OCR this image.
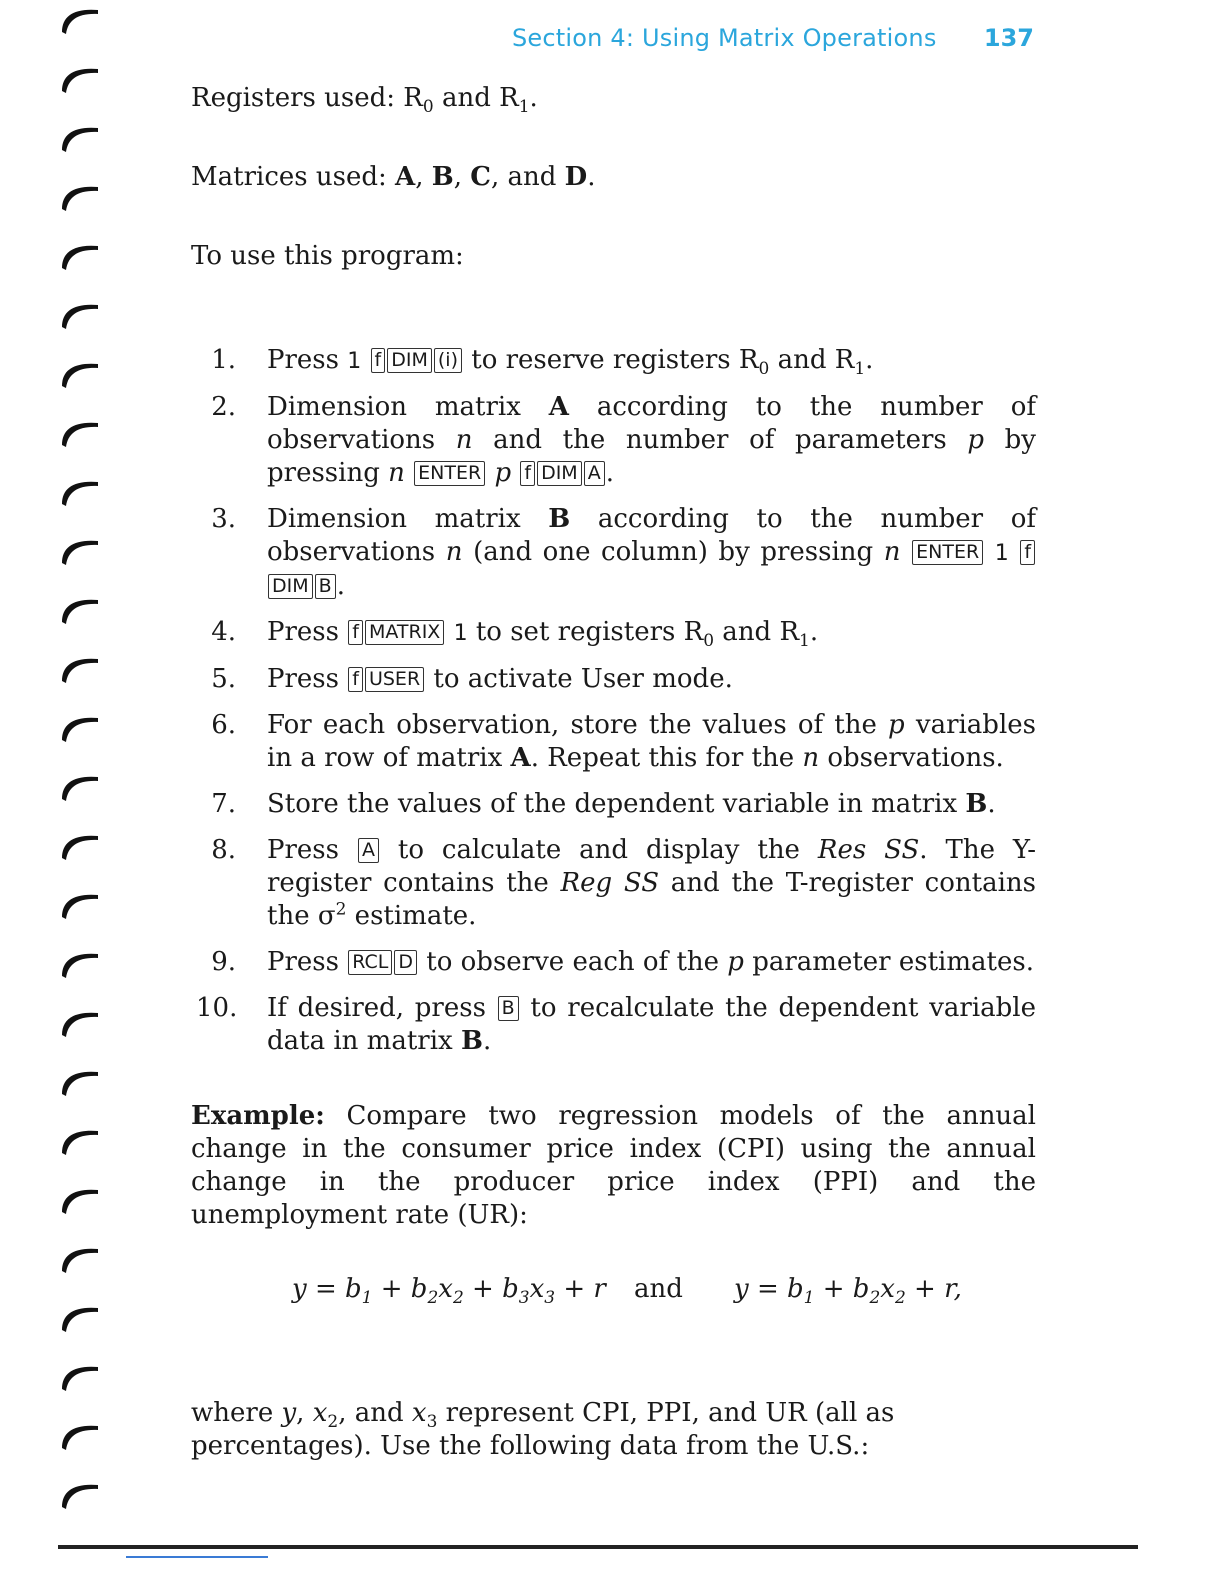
Section 4: Using Matrix Operations 137
Registers used: $R_0$ and $R_1$.
Matrices used: A, B, C, and D.
To use this program:
1. Press 1 f DIM (i) to reserve registers $R_0$ and $R_1$.
2. Dimension matrix A according to the number of observations n and the number of parameters p by pressing n ENTER p f DIM A .
3. Dimension matrix B according to the number of observations n (and one column) by pressing n ENTER 1 fDIM B .
4. Press f MATRIX 1 to set registers $R_0$ and $R_1$.
5. Press f USER to activate User mode.
6. For each observation, store the values of the p variables in a row of matrix A. Repeat this for the n observations.
7. Store the values of the dependent variable in matrix B.
8. Press A to calculate and display the Res SS. The Y-register contains the Reg SS and the T-register contains the $\sigma^2$ estimate.
9. Press RCL D to observe each of the p parameter estimates.
10. If desired, press B to recalculate the dependent variable data in matrix B.
Example: Compare two regression models of the annual change in the consumer price index (CPI) using the annual change in the producer price index (PPI) and the unemployment rate (UR):
$y = b_1 + b_2x_2 + b_3x_3 + r$ and $y = b_1 + b_2x_2 + r$,
where y, $x_2$, and $x_3$ represent CPI, PPI, and UR (all as percentages). Use the following data from the U.S.:
